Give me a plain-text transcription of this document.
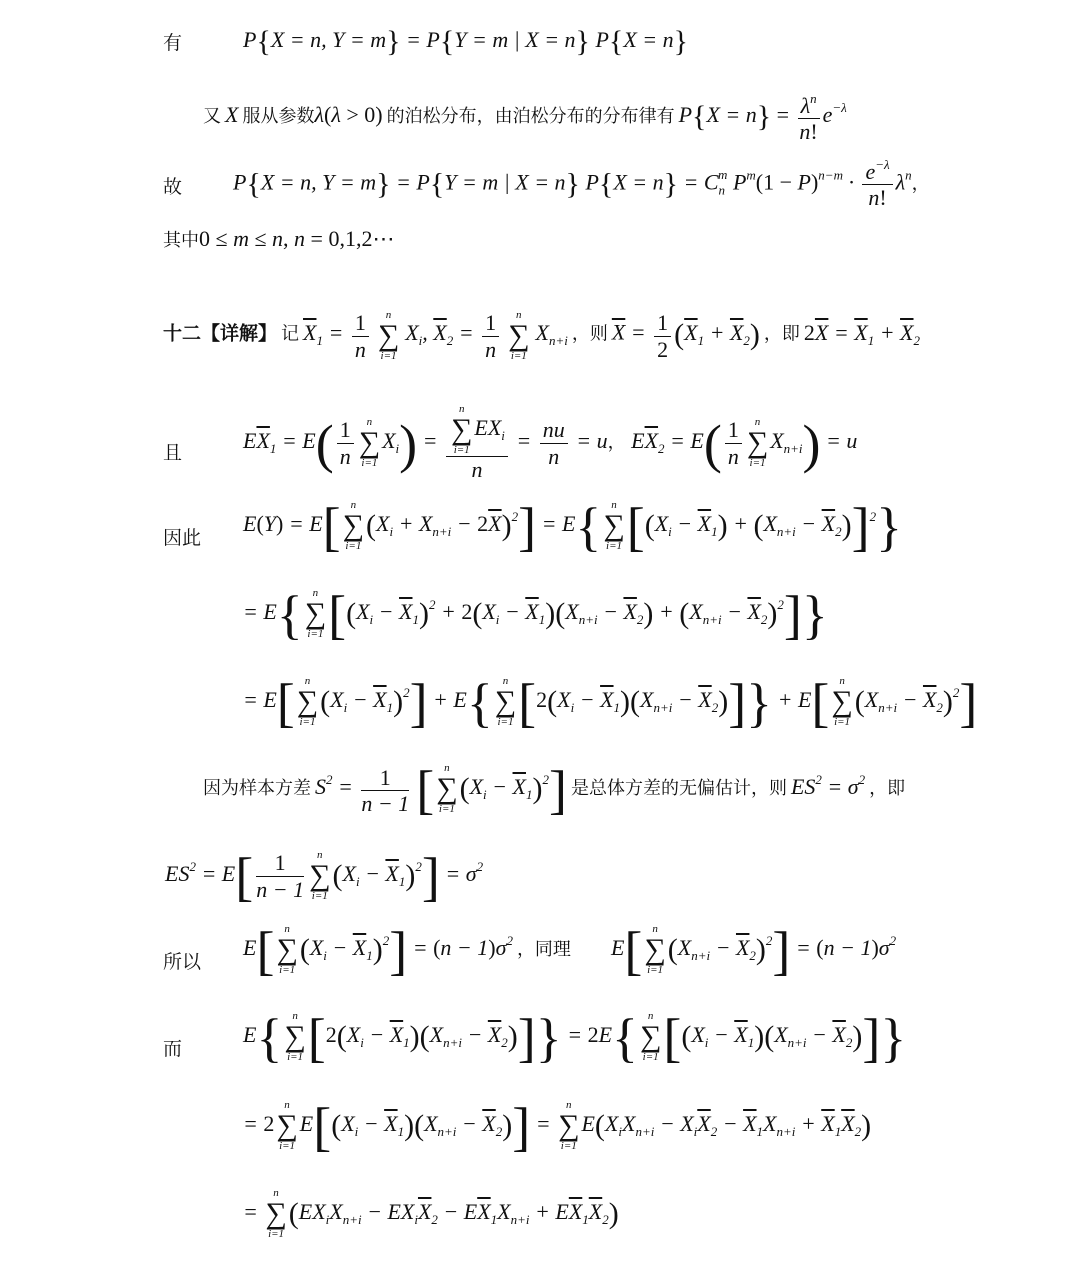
有	P{X = n, Y = m} = P{Y = m | X = n} P{X = n}
又 X 服从参数λ(λ > 0) 的泊松分布，由泊松分布的分布律有 $P\{X = n\} = \frac{\lambda^n}{n!} e^{-\lambda}$
故 P{X = n, Y = m} = P{Y = m | X = n} $P\{X = n\} = C_n^m$ $P^m(1 - P)^{n-m} \cdot \frac{e^{-\lambda}}{n!} \lambda^n$，
其中0 ≤ m ≤ n, n = 0,1,2⋯
十二【详解】 记 $\overline{X}_1 = \frac{1}{n}$
	n
∑
i=1
$X_i$, $\overline{X}_2 = \frac{1}{n}$
	n
∑
i=1
$X_{n+i}$ ，则 $\overline{X} = \frac{1}{2} (\overline{X}_1 + \overline{X}_2)$ ，即 $2\overline{X} = \overline{X}_1 + \overline{X}_2$
且	$E\overline{X}_1 = E( \frac{1}{n}$	n
∑
i=1
$X_i) = n$
∑
i=1
$EX_i$
$n = \frac{nu}{n} = u$， $E\overline{X}_2 = E( \frac{1}{n}$	n
∑
i=1
$X_{n+i}) = u$
因此
E(Y) = E[ n
∑
i=1
$(X_i + X_{n+i} - 2\overline{X})^2] = E${ n
∑
i=1 $[(X_i - \overline{X}_1) + (X_{n+i} - \overline{X}_2)]^2$}
= E{ n
∑
i=1 $[(X_i - \overline{X}_1)^2 + 2(X_i - \overline{X}_1)(X_{n+i} - \overline{X}_2) + (X_{n+i} - \overline{X}_2)^2]$}
= E[ n
∑
i=1
$(X_i - \overline{X}_1)^2] + E${ n
∑
i=1 $[2(X_i - \overline{X}_1)(X_{n+i} - \overline{X}_2)]\} + E$[ n
∑
i=1
$(X_{n+i} - \overline{X}_2)^2$]
因为样本方差 $S^2 = \frac{1}{n - 1}$ [ n
∑
i=1
$(X_i - \overline{X}_1)^2$] 是总体方差的无偏估计，则 $ES^2 = \sigma^2$ ，即
$ES^2 = E[ \frac{1}{n - 1}$	n
∑
i=1
$(X_i - \overline{X}_1)^2] = \sigma^2$
所以
E[ n
∑
i=1
$(X_i - \overline{X}_1)^2] = (n - 1)\sigma^2$ ，同理 E[ n
∑
i=1
$(X_{n+i} - \overline{X}_2)^2] = (n - 1)\sigma^2$
而
E{ n
∑
i=1 $[2(X_i - \overline{X}_1)(X_{n+i} - \overline{X}_2)]\} = 2E${ n
∑
i=1 $[(X_i - \overline{X}_1)(X_{n+i} - \overline{X}_2)]$}
= 2
n
∑
i=1
$E[(X_i - \overline{X}_1)(X_{n+i} - \overline{X}_2)]$ =
n
∑
i=1
$E(X_iX_{n+i} - X_i\overline{X}_2 - \overline{X}_1X_{n+i} + \overline{X}_1\overline{X}_2)$
=
n
∑
i=1
$(EX_iX_{n+i} - EX_i\overline{X}_2 - E\overline{X}_1X_{n+i} + E\overline{X}_1\overline{X}_2)$
